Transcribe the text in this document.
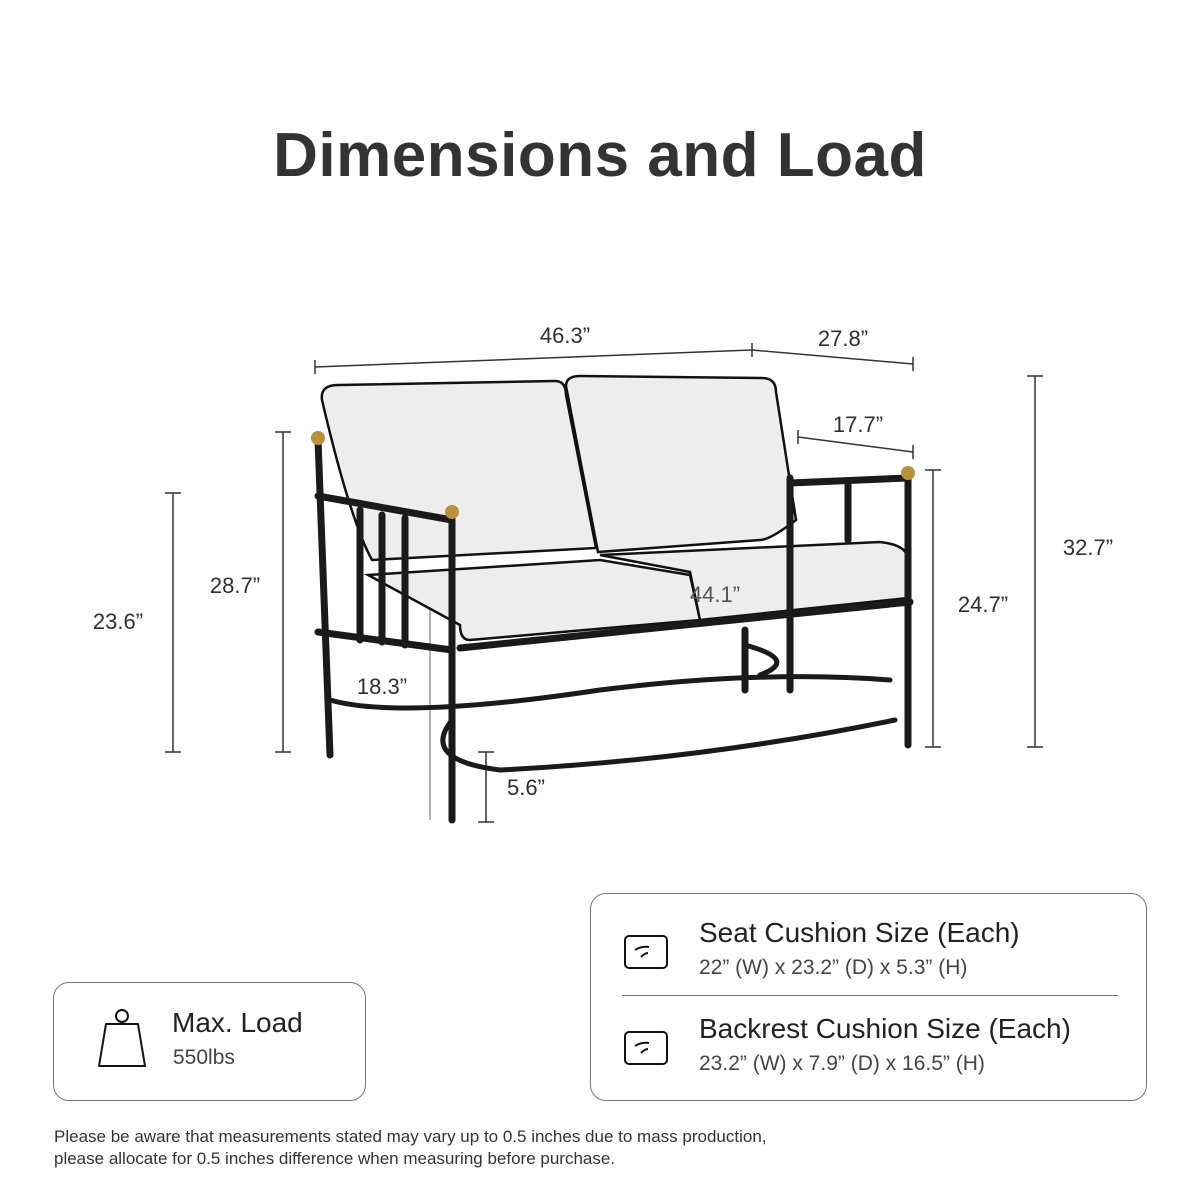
Dimensions and Load
46.3”	27.8”
17.7”
32.7”
24.7”
23.6”
28.7”	44.1”
18.3”
5.6”
Max. Load
550lbs
Seat Cushion Size (Each)
22” (W) x 23.2” (D) x 5.3” (H)
Backrest Cushion Size (Each)
23.2” (W) x 7.9” (D) x 16.5” (H)
Please be aware that measurements stated may vary up to 0.5 inches due to mass production,
please allocate for 0.5 inches difference when measuring before purchase.
